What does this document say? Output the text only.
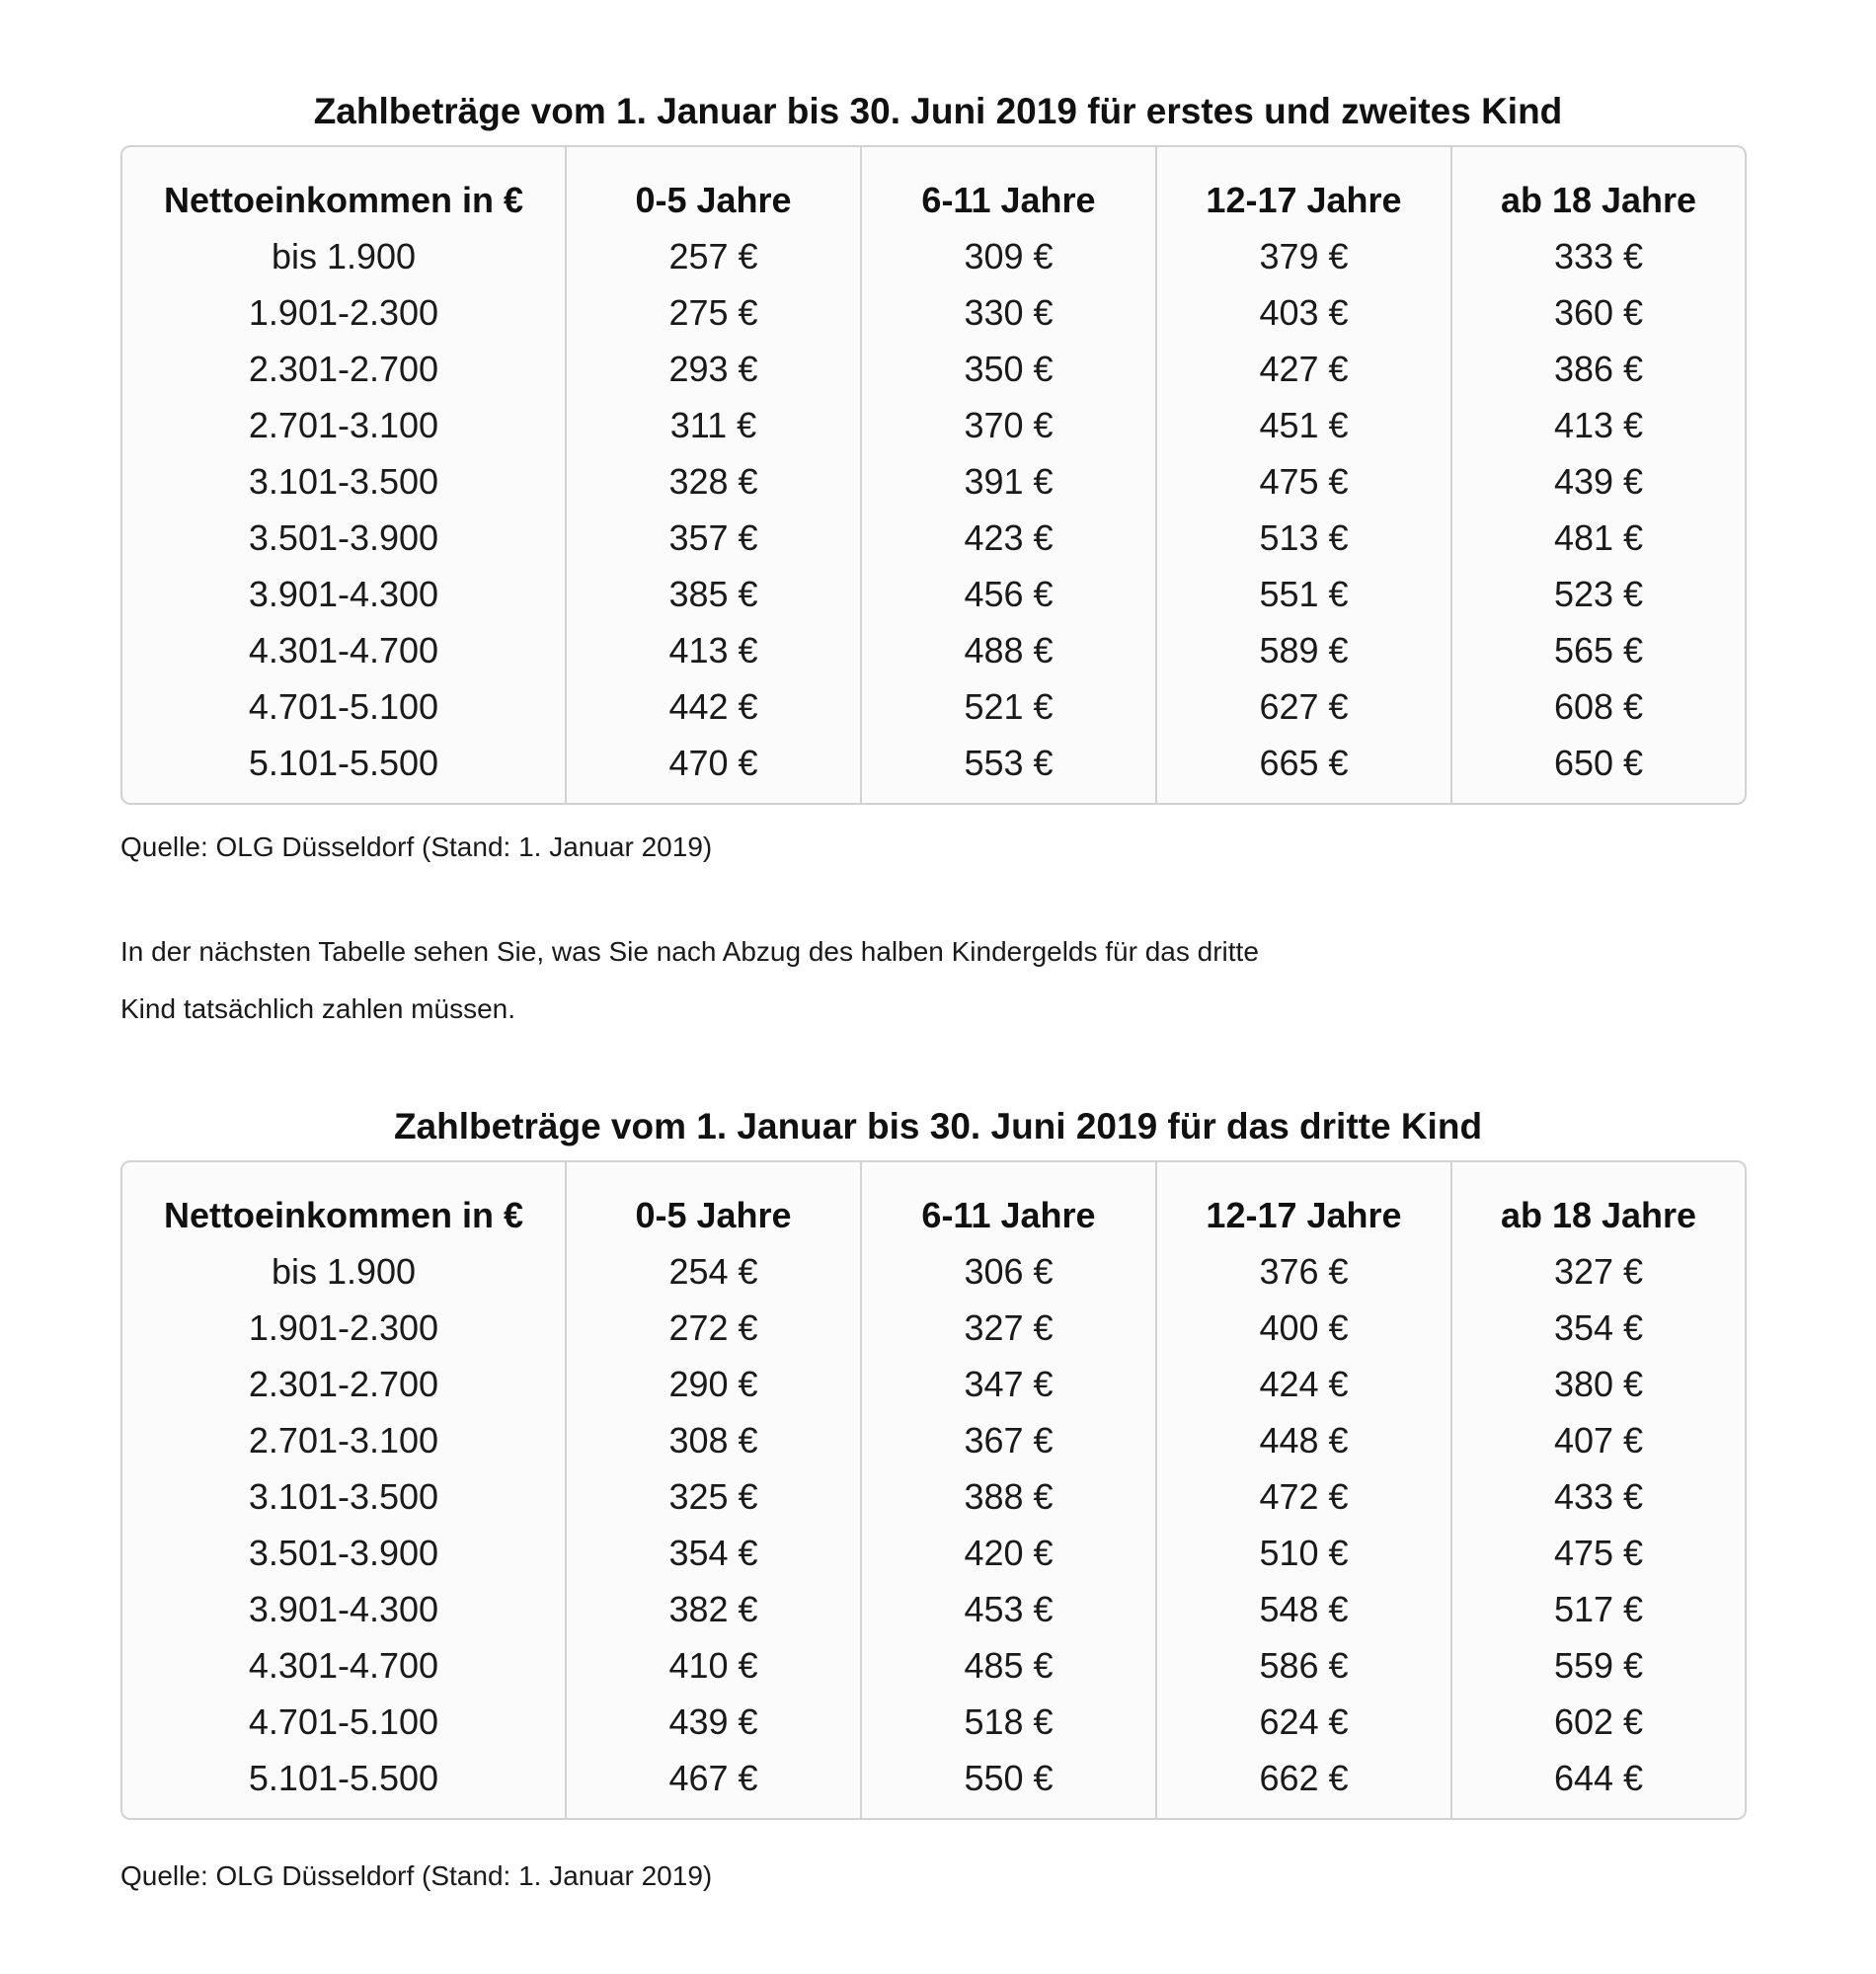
Zahlbeträge vom 1. Januar bis 30. Juni 2019 für erstes und zweites Kind
Nettoeinkommen in €	0-5 Jahre	6-11 Jahre	12-17 Jahre	ab 18 Jahre
bis 1.900	257 €	309 €	379 €	333 €
1.901-2.300	275 €	330 €	403 €	360 €
2.301-2.700	293 €	350 €	427 €	386 €
2.701-3.100	311 €	370 €	451 €	413 €
3.101-3.500	328 €	391 €	475 €	439 €
3.501-3.900	357 €	423 €	513 €	481 €
3.901-4.300	385 €	456 €	551 €	523 €
4.301-4.700	413 €	488 €	589 €	565 €
4.701-5.100	442 €	521 €	627 €	608 €
5.101-5.500	470 €	553 €	665 €	650 €

Quelle: OLG Düsseldorf (Stand: 1. Januar 2019)
In der nächsten Tabelle sehen Sie, was Sie nach Abzug des halben Kindergelds für das dritte
Kind tatsächlich zahlen müssen.
Zahlbeträge vom 1. Januar bis 30. Juni 2019 für das dritte Kind
Nettoeinkommen in €	0-5 Jahre	6-11 Jahre	12-17 Jahre	ab 18 Jahre
bis 1.900	254 €	306 €	376 €	327 €
1.901-2.300	272 €	327 €	400 €	354 €
2.301-2.700	290 €	347 €	424 €	380 €
2.701-3.100	308 €	367 €	448 €	407 €
3.101-3.500	325 €	388 €	472 €	433 €
3.501-3.900	354 €	420 €	510 €	475 €
3.901-4.300	382 €	453 €	548 €	517 €
4.301-4.700	410 €	485 €	586 €	559 €
4.701-5.100	439 €	518 €	624 €	602 €
5.101-5.500	467 €	550 €	662 €	644 €

Quelle: OLG Düsseldorf (Stand: 1. Januar 2019)
